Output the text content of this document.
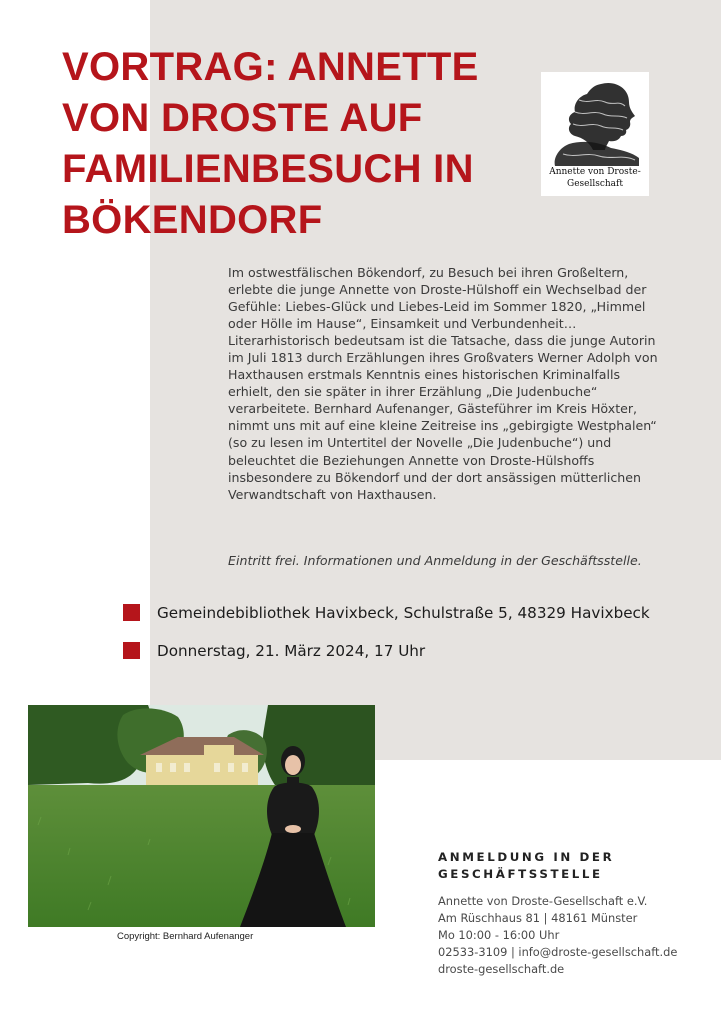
VORTRAG: ANNETTE VON DROSTE AUF FAMILIENBESUCH IN BÖKENDORF
Annette von Droste-
Gesellschaft

Im ostwestfälischen Bökendorf, zu Besuch bei ihren Großeltern, erlebte die junge Annette von Droste-Hülshoff ein Wechselbad der Gefühle: Liebes-Glück und Liebes-Leid im Sommer 1820, „Himmel oder Hölle im Hause“, Einsamkeit und Verbundenheit… Literarhistorisch bedeutsam ist die Tatsache, dass die junge Autorin im Juli 1813 durch Erzählungen ihres Großvaters Werner Adolph von Haxthausen erstmals Kenntnis eines historischen Kriminalfalls erhielt, den sie später in ihrer Erzählung „Die Judenbuche“ verarbeitete. Bernhard Aufenanger, Gästeführer im Kreis Höxter, nimmt uns mit auf eine kleine Zeitreise ins „gebirgigte Westphalen“ (so zu lesen im Untertitel der Novelle „Die Judenbuche“) und beleuchtet die Beziehungen Annette von Droste-Hülshoffs insbesondere zu Bökendorf und der dort ansässigen mütterlichen Verwandtschaft von Haxthausen.

Eintritt frei. Informationen und Anmeldung in der Geschäftsstelle.

Gemeindebibliothek Havixbeck, Schulstraße 5, 48329 Havixbeck
Donnerstag, 21. März 2024, 17 Uhr
Copyright: Bernhard Aufenanger
ANMELDUNG IN DER GESCHÄFTSSTELLE
Annette von Droste-Gesellschaft e.V.
Am Rüschhaus 81 | 48161 Münster
Mo 10:00 - 16:00 Uhr
02533-3109 | info@droste-gesellschaft.de
droste-gesellschaft.de
